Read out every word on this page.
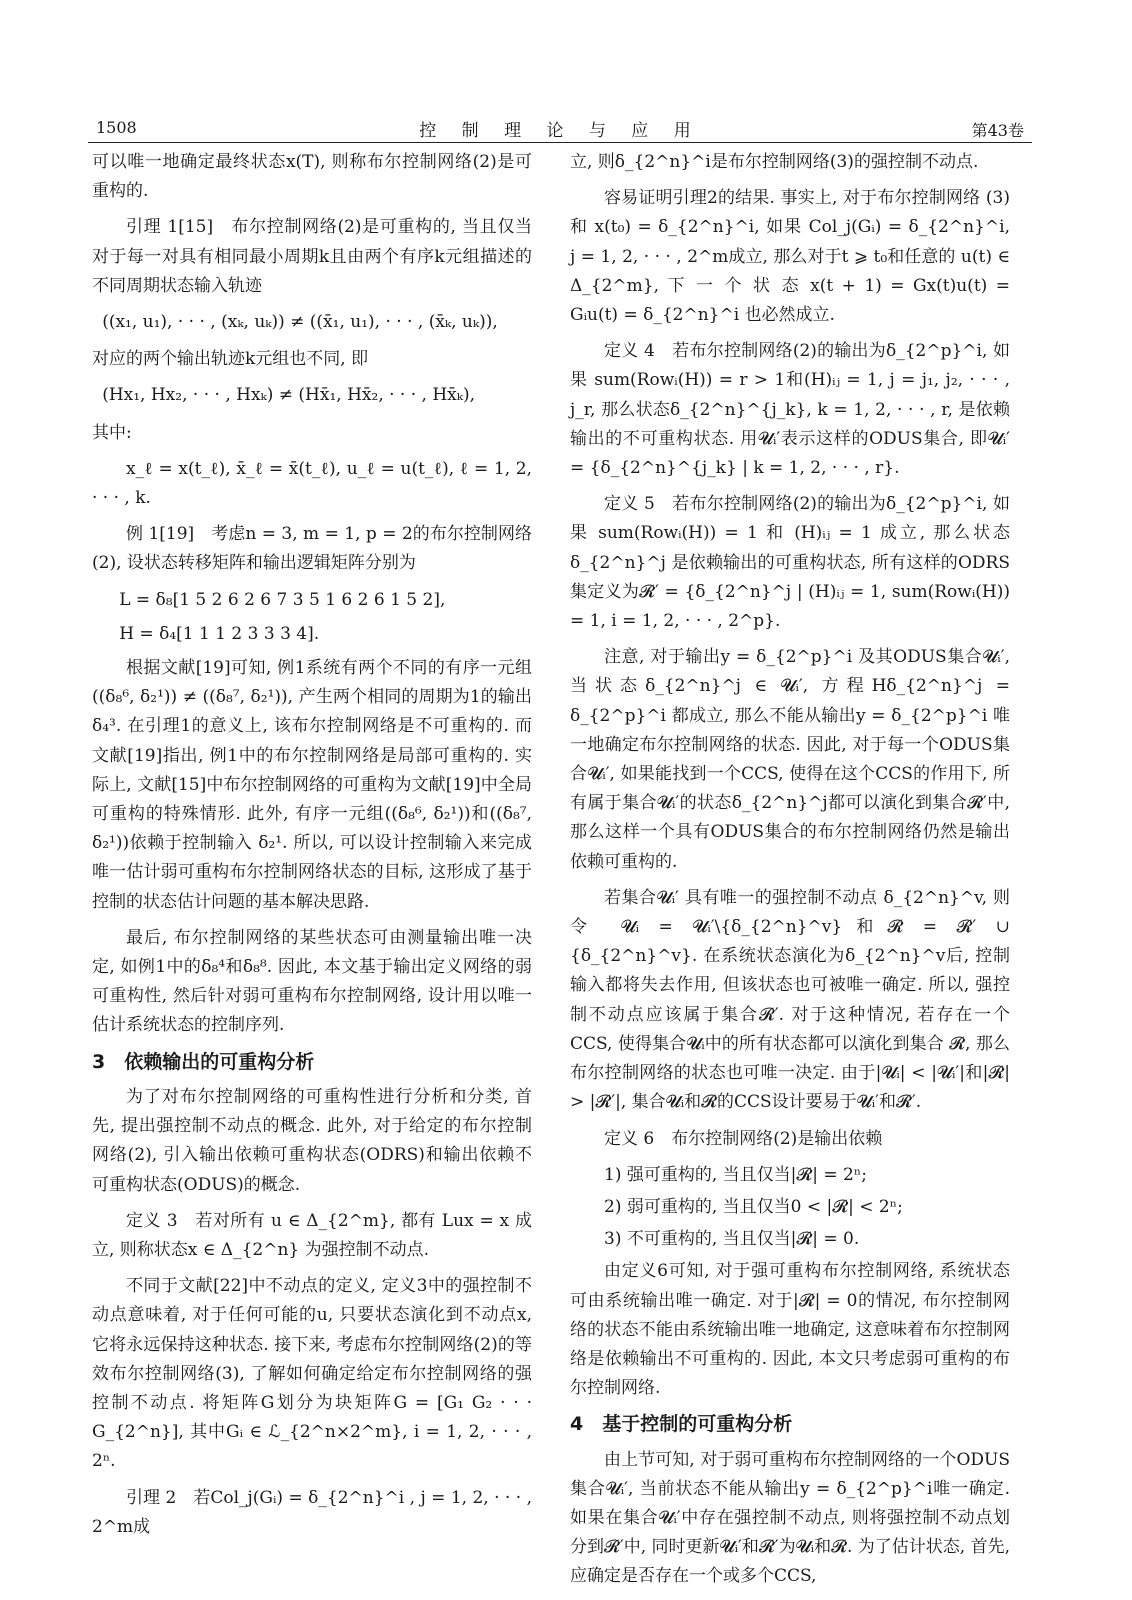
1508	控 制 理 论 与 应 用	第43卷

可以唯一地确定最终状态x(T), 则称布尔控制网络(2)是可重构的.

引理 1[15]　布尔控制网络(2)是可重构的, 当且仅当对于每一对具有相同最小周期k且由两个有序k元组描述的不同周期状态输入轨迹

((x₁, u₁), · · · , (xₖ, uₖ)) ≠ ((x̄₁, u₁), · · · , (x̄ₖ, uₖ)),

对应的两个输出轨迹k元组也不同, 即

(Hx₁, Hx₂, · · · , Hxₖ) ≠ (Hx̄₁, Hx̄₂, · · · , Hx̄ₖ),

其中:

x_ℓ = x(t_ℓ), x̄_ℓ = x̄(t_ℓ), u_ℓ = u(t_ℓ), ℓ = 1, 2, · · · , k.

例 1[19]　考虑n = 3, m = 1, p = 2的布尔控制网络(2), 设状态转移矩阵和输出逻辑矩阵分别为

L = δ₈[1 5 2 6 2 6 7 3 5 1 6 2 6 1 5 2],

H = δ₄[1 1 1 2 3 3 3 4].

根据文献[19]可知, 例1系统有两个不同的有序一元组((δ₈⁶, δ₂¹)) ≠ ((δ₈⁷, δ₂¹)), 产生两个相同的周期为1的输出δ₄³. 在引理1的意义上, 该布尔控制网络是不可重构的. 而文献[19]指出, 例1中的布尔控制网络是局部可重构的. 实际上, 文献[15]中布尔控制网络的可重构为文献[19]中全局可重构的特殊情形. 此外, 有序一元组((δ₈⁶, δ₂¹))和((δ₈⁷, δ₂¹))依赖于控制输入 δ₂¹. 所以, 可以设计控制输入来完成唯一估计弱可重构布尔控制网络状态的目标, 这形成了基于控制的状态估计问题的基本解决思路.

最后, 布尔控制网络的某些状态可由测量输出唯一决定, 如例1中的δ₈⁴和δ₈⁸. 因此, 本文基于输出定义网络的弱可重构性, 然后针对弱可重构布尔控制网络, 设计用以唯一估计系统状态的控制序列.

3　依赖输出的可重构分析

为了对布尔控制网络的可重构性进行分析和分类, 首先, 提出强控制不动点的概念. 此外, 对于给定的布尔控制网络(2), 引入输出依赖可重构状态(ODRS)和输出依赖不可重构状态(ODUS)的概念.

定义 3　若对所有 u ∈ Δ_{2^m}, 都有 Lux = x 成立, 则称状态x ∈ Δ_{2^n} 为强控制不动点.

不同于文献[22]中不动点的定义, 定义3中的强控制不动点意味着, 对于任何可能的u, 只要状态演化到不动点x, 它将永远保持这种状态. 接下来, 考虑布尔控制网络(2)的等效布尔控制网络(3), 了解如何确定给定布尔控制网络的强控制不动点. 将矩阵G划分为块矩阵G = [G₁ G₂ · · · G_{2^n}], 其中Gᵢ ∈ ℒ_{2^n×2^m}, i = 1, 2, · · · , 2ⁿ.

引理 2　若Col_j(Gᵢ) = δ_{2^n}^i , j = 1, 2, · · · , 2^m成

立, 则δ_{2^n}^i是布尔控制网络(3)的强控制不动点.

容易证明引理2的结果. 事实上, 对于布尔控制网络 (3) 和 x(t₀) = δ_{2^n}^i, 如果 Col_j(Gᵢ) = δ_{2^n}^i, j = 1, 2, · · · , 2^m成立, 那么对于t ⩾ t₀和任意的 u(t) ∈ Δ_{2^m}, 下 一 个 状 态 x(t + 1) = Gx(t)u(t) = Gᵢu(t) = δ_{2^n}^i 也必然成立.

定义 4　若布尔控制网络(2)的输出为δ_{2^p}^i, 如果 sum(Rowᵢ(H)) = r > 1和(H)ᵢⱼ = 1, j = j₁, j₂, · · · , j_r, 那么状态δ_{2^n}^{j_k}, k = 1, 2, · · · , r, 是依赖输出的不可重构状态. 用𝓤ᵢ′表示这样的ODUS集合, 即𝓤ᵢ′ = {δ_{2^n}^{j_k} | k = 1, 2, · · · , r}.

定义 5　若布尔控制网络(2)的输出为δ_{2^p}^i, 如果 sum(Rowᵢ(H)) = 1 和 (H)ᵢⱼ = 1 成立, 那么状态 δ_{2^n}^j 是依赖输出的可重构状态, 所有这样的ODRS集定义为𝓡′ = {δ_{2^n}^j | (H)ᵢⱼ = 1, sum(Rowᵢ(H)) = 1, i = 1, 2, · · · , 2^p}.

注意, 对于输出y = δ_{2^p}^i 及其ODUS集合𝓤ᵢ′, 当状态δ_{2^n}^j ∈ 𝓤ᵢ′, 方程Hδ_{2^n}^j = δ_{2^p}^i 都成立, 那么不能从输出y = δ_{2^p}^i 唯一地确定布尔控制网络的状态. 因此, 对于每一个ODUS集合𝓤ᵢ′, 如果能找到一个CCS, 使得在这个CCS的作用下, 所有属于集合𝓤ᵢ′的状态δ_{2^n}^j都可以演化到集合𝓡′中, 那么这样一个具有ODUS集合的布尔控制网络仍然是输出依赖可重构的.

若集合𝓤ᵢ′ 具有唯一的强控制不动点 δ_{2^n}^v, 则令 𝓤ᵢ = 𝓤ᵢ′\{δ_{2^n}^v}和𝓡 = 𝓡′ ∪ {δ_{2^n}^v}. 在系统状态演化为δ_{2^n}^v后, 控制输入都将失去作用, 但该状态也可被唯一确定. 所以, 强控制不动点应该属于集合𝓡′. 对于这种情况, 若存在一个CCS, 使得集合𝓤ᵢ中的所有状态都可以演化到集合 𝓡, 那么布尔控制网络的状态也可唯一决定. 由于|𝓤ᵢ| < |𝓤ᵢ′|和|𝓡| > |𝓡′|, 集合𝓤ᵢ和𝓡的CCS设计要易于𝓤ᵢ′和𝓡′.

定义 6　布尔控制网络(2)是输出依赖

1) 强可重构的, 当且仅当|𝓡| = 2ⁿ;

2) 弱可重构的, 当且仅当0 < |𝓡| < 2ⁿ;

3) 不可重构的, 当且仅当|𝓡| = 0.

由定义6可知, 对于强可重构布尔控制网络, 系统状态可由系统输出唯一确定. 对于|𝓡| = 0的情况, 布尔控制网络的状态不能由系统输出唯一地确定, 这意味着布尔控制网络是依赖输出不可重构的. 因此, 本文只考虑弱可重构的布尔控制网络.

4　基于控制的可重构分析

由上节可知, 对于弱可重构布尔控制网络的一个ODUS集合𝓤ᵢ′, 当前状态不能从输出y = δ_{2^p}^i唯一确定. 如果在集合𝓤ᵢ′中存在强控制不动点, 则将强控制不动点划分到𝓡′中, 同时更新𝓤ᵢ′和𝓡′为𝓤ᵢ和𝓡. 为了估计状态, 首先, 应确定是否存在一个或多个CCS,
